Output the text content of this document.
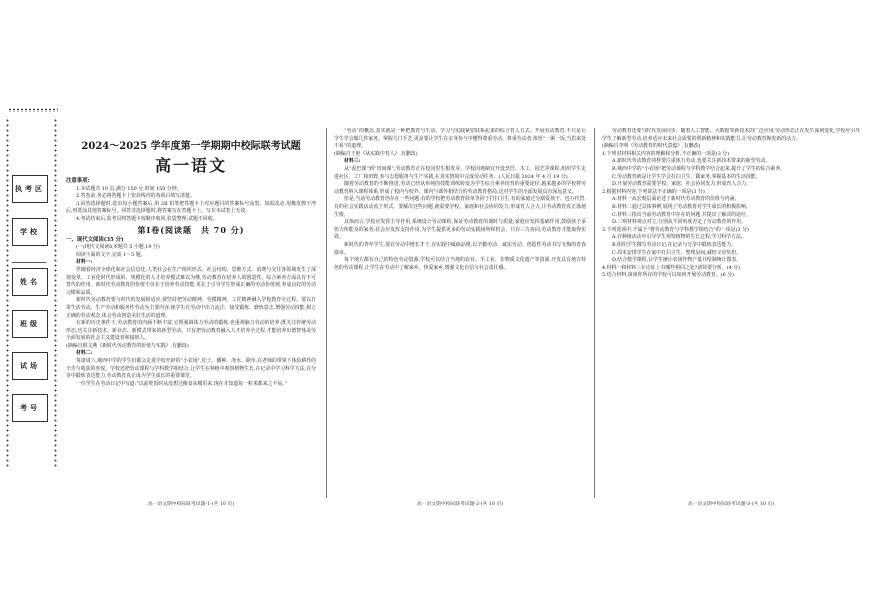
执考区
学校
姓名
班级
试场
考号
2024～2025 学年度第一学期期中校际联考试题
高一语文

注意事项:

1.本试题共 10 页,满分 150 分,时间 150 分钟。

2.答卷前,务必将答题卡上密封线内的各项目填写清楚。

3.回答选择题时,选出每小题答案后,用 2B 铅笔把答题卡上对应题目的答案标号涂黑。如需改动,用橡皮擦干净后,再选涂其他答案标号。回答非选择题时,将答案写在答题卡上。写在本试卷上无效。

4.考试结束后,监考员将答题卡按顺序收回,装袋整理;试题不回收。

第Ⅰ卷(阅读题　共 70 分)

一、现代文阅读(35 分)

(一)现代文阅读Ⅰ(本题共 5 小题,19 分)

阅读下面的文字,完成 1～5 题。

材料一:

伴随着经济全球化和社会信息化,人类社会在生产组织形式、社会结构、思维方式、消费与交往各领域发生了深刻变革。工业化时代形成的、规模化的人才培养模式难以为继,劳动教育在培养人的创造性、综合素养方面具有不可替代的作用。新时代劳动教育的价值不仅在于培养劳动技能,更在于引导学生形成正确的劳动价值观,养成良好的劳动习惯和品质。

新时代劳动教育要与时代的发展相适应,要坚持把劳动精神、劳模精神、工匠精神融入学校教育全过程。要以日常生活劳动、生产劳动和服务性劳动为主要内容,使学生在劳动中出力流汗、接受锻炼、磨炼意志,增强劳动技能,树立正确的劳动观念,体会劳动创造美好生活的道理。

在新的历史条件下,劳动教育的内涵不断丰富,它既强调体力劳动的锻炼,也重视脑力劳动的培养;既关注传统劳动形态,也关注新技术、新业态、新模式带来的新型劳动。只有把劳动教育融入人才培养全过程,才能培养出德智体美劳全面发展的社会主义建设者和接班人。

(摘编自韩文燕《新时代劳动教育的价值与实践》,有删改)

材料二:

每逢周六,城西中学的学生们都会走进学校开辟的“小农场”,松土、播种、浇水、除草,在老师的带领下体验耕作的辛苦与收获的喜悦。学校还把劳动课程与学科教学相结合,让学生在种植中观察植物生长,在记录中学习科学方法,在分享中锻炼表达能力,劳动教育真正成为学生成长的重要课堂。

一位学生在劳动日记中写道:“以前吃饭时从没想过粮食从哪里来,现在才知道每一粒米都来之不易。”

高一语文期中校际联考试题-1-(共 10 页)

“劳动”的概念,其实就是一种把教育与生活、学习与实践紧密联系起来的综合育人方式。开展劳动教育,不只是让学生学会做几件家务、掌握几门手艺,更是要让学生在亲身参与中懂得尊重劳动、尊重劳动者,体悟“一粥一饭,当思来处不易”的道理。

(摘编自王艳《从实践中育人》,有删改)

材料三:

从“泥巴课”到“田间课”,劳动教育正在校园里生根发芽。学校因地制宜开设烹饪、木工、园艺等课程,组织学生走进社区、工厂和田野,参与志愿服务与生产实践,在真实情境中完成劳动任务。(人民日报 2024 年 4 月 19 日)

随着劳动教育的不断推进,劳动已经从单纯的技能训练转变为学生综合素养培育的重要途径,越来越多的学校将劳动教育纳入课程体系,形成了校内与校外、课内与课外相结合的劳动教育格局,这对学生的全面发展具有深远意义。

但是,当前劳动教育仍存在一些问题:有的学校把劳动教育简单等同于打扫卫生,有的家庭过分溺爱孩子、包办代替,有的社会实践活动流于形式。要解决这些问题,就需要学校、家庭和社会协同发力,形成育人合力,让劳动教育真正落地生根。

具体而言,学校应发挥主导作用,系统设计劳动课程,保证劳动教育的课时与质量;家庭应发挥基础作用,鼓励孩子承担力所能及的家务;社会应发挥支持作用,为学生提供更多的劳动实践场所和机会。只有三方协同,劳动教育才能取得实效。

新时代的青年学生,要在劳动中增长才干,在实践中砥砺品格,以辛勤劳动、诚实劳动、创造性劳动书写无悔的青春篇章。

每个地方都有自己的特色劳动资源,学校可以结合当地的农业、手工业、非物质文化遗产等资源,开发具有地方特色的劳动课程,让学生在劳动中了解家乡、热爱家乡,增强文化自信与社会责任感。

高一语文期中校际联考试题-2-(共 10 页)

劳动教育还要与时代发展同步。随着人工智能、大数据等新技术的广泛应用,劳动形态正在发生深刻变化,学校应引导学生了解新型劳动,培养适应未来社会需要的创新精神和实践能力,让劳动教育焕发新的活力。

(摘编自李明《劳动教育的时代意蕴》,有删改)

1.下列对材料相关内容的理解和分析,不正确的一项是(3 分)

A.新时代劳动教育同样要注重体力劳动,也要关注新技术带来的新型劳动。

B.城西中学的“小农场”把劳动课程与学科教学结合起来,提升了学生的综合素养。

C.劳动教育就是让学生学会打扫卫生、做家务,掌握基本的生活技能。

D.开展劳动教育需要学校、家庭、社会协同发力,形成育人合力。

2.根据材料内容,下列说法不正确的一项是(3 分)

A.材料一从宏观层面论述了新时代劳动教育的价值与内涵。

B.材料二通过具体事例,展现了劳动教育对学生成长的积极影响。

C.材料三指出当前劳动教育中存在的问题,并提出了解决的途径。

D.三则材料观点对立,分别从不同角度否定了劳动教育的作用。

3.下列选项中,不属于“将劳动教育与学科教学相结合”的一项是(3 分)

A.在种植活动中引导学生观察植物的生长过程,学习科学方法。

B.组织学生撰写劳动日记,在记录与分享中锻炼表达能力。

C.周末安排学生在家中打扫卫生、整理房间,减轻父母负担。

D.结合数学课程,让学生统计农场作物产量并绘制统计图表。

4.材料一和材料三在论证上有哪些相同之处?请简要分析。(4 分)

5.结合材料,谈谈你所在的学校可以如何开展劳动教育。(6 分)

高一语文期中校际联考试题-3-(共 10 页)
